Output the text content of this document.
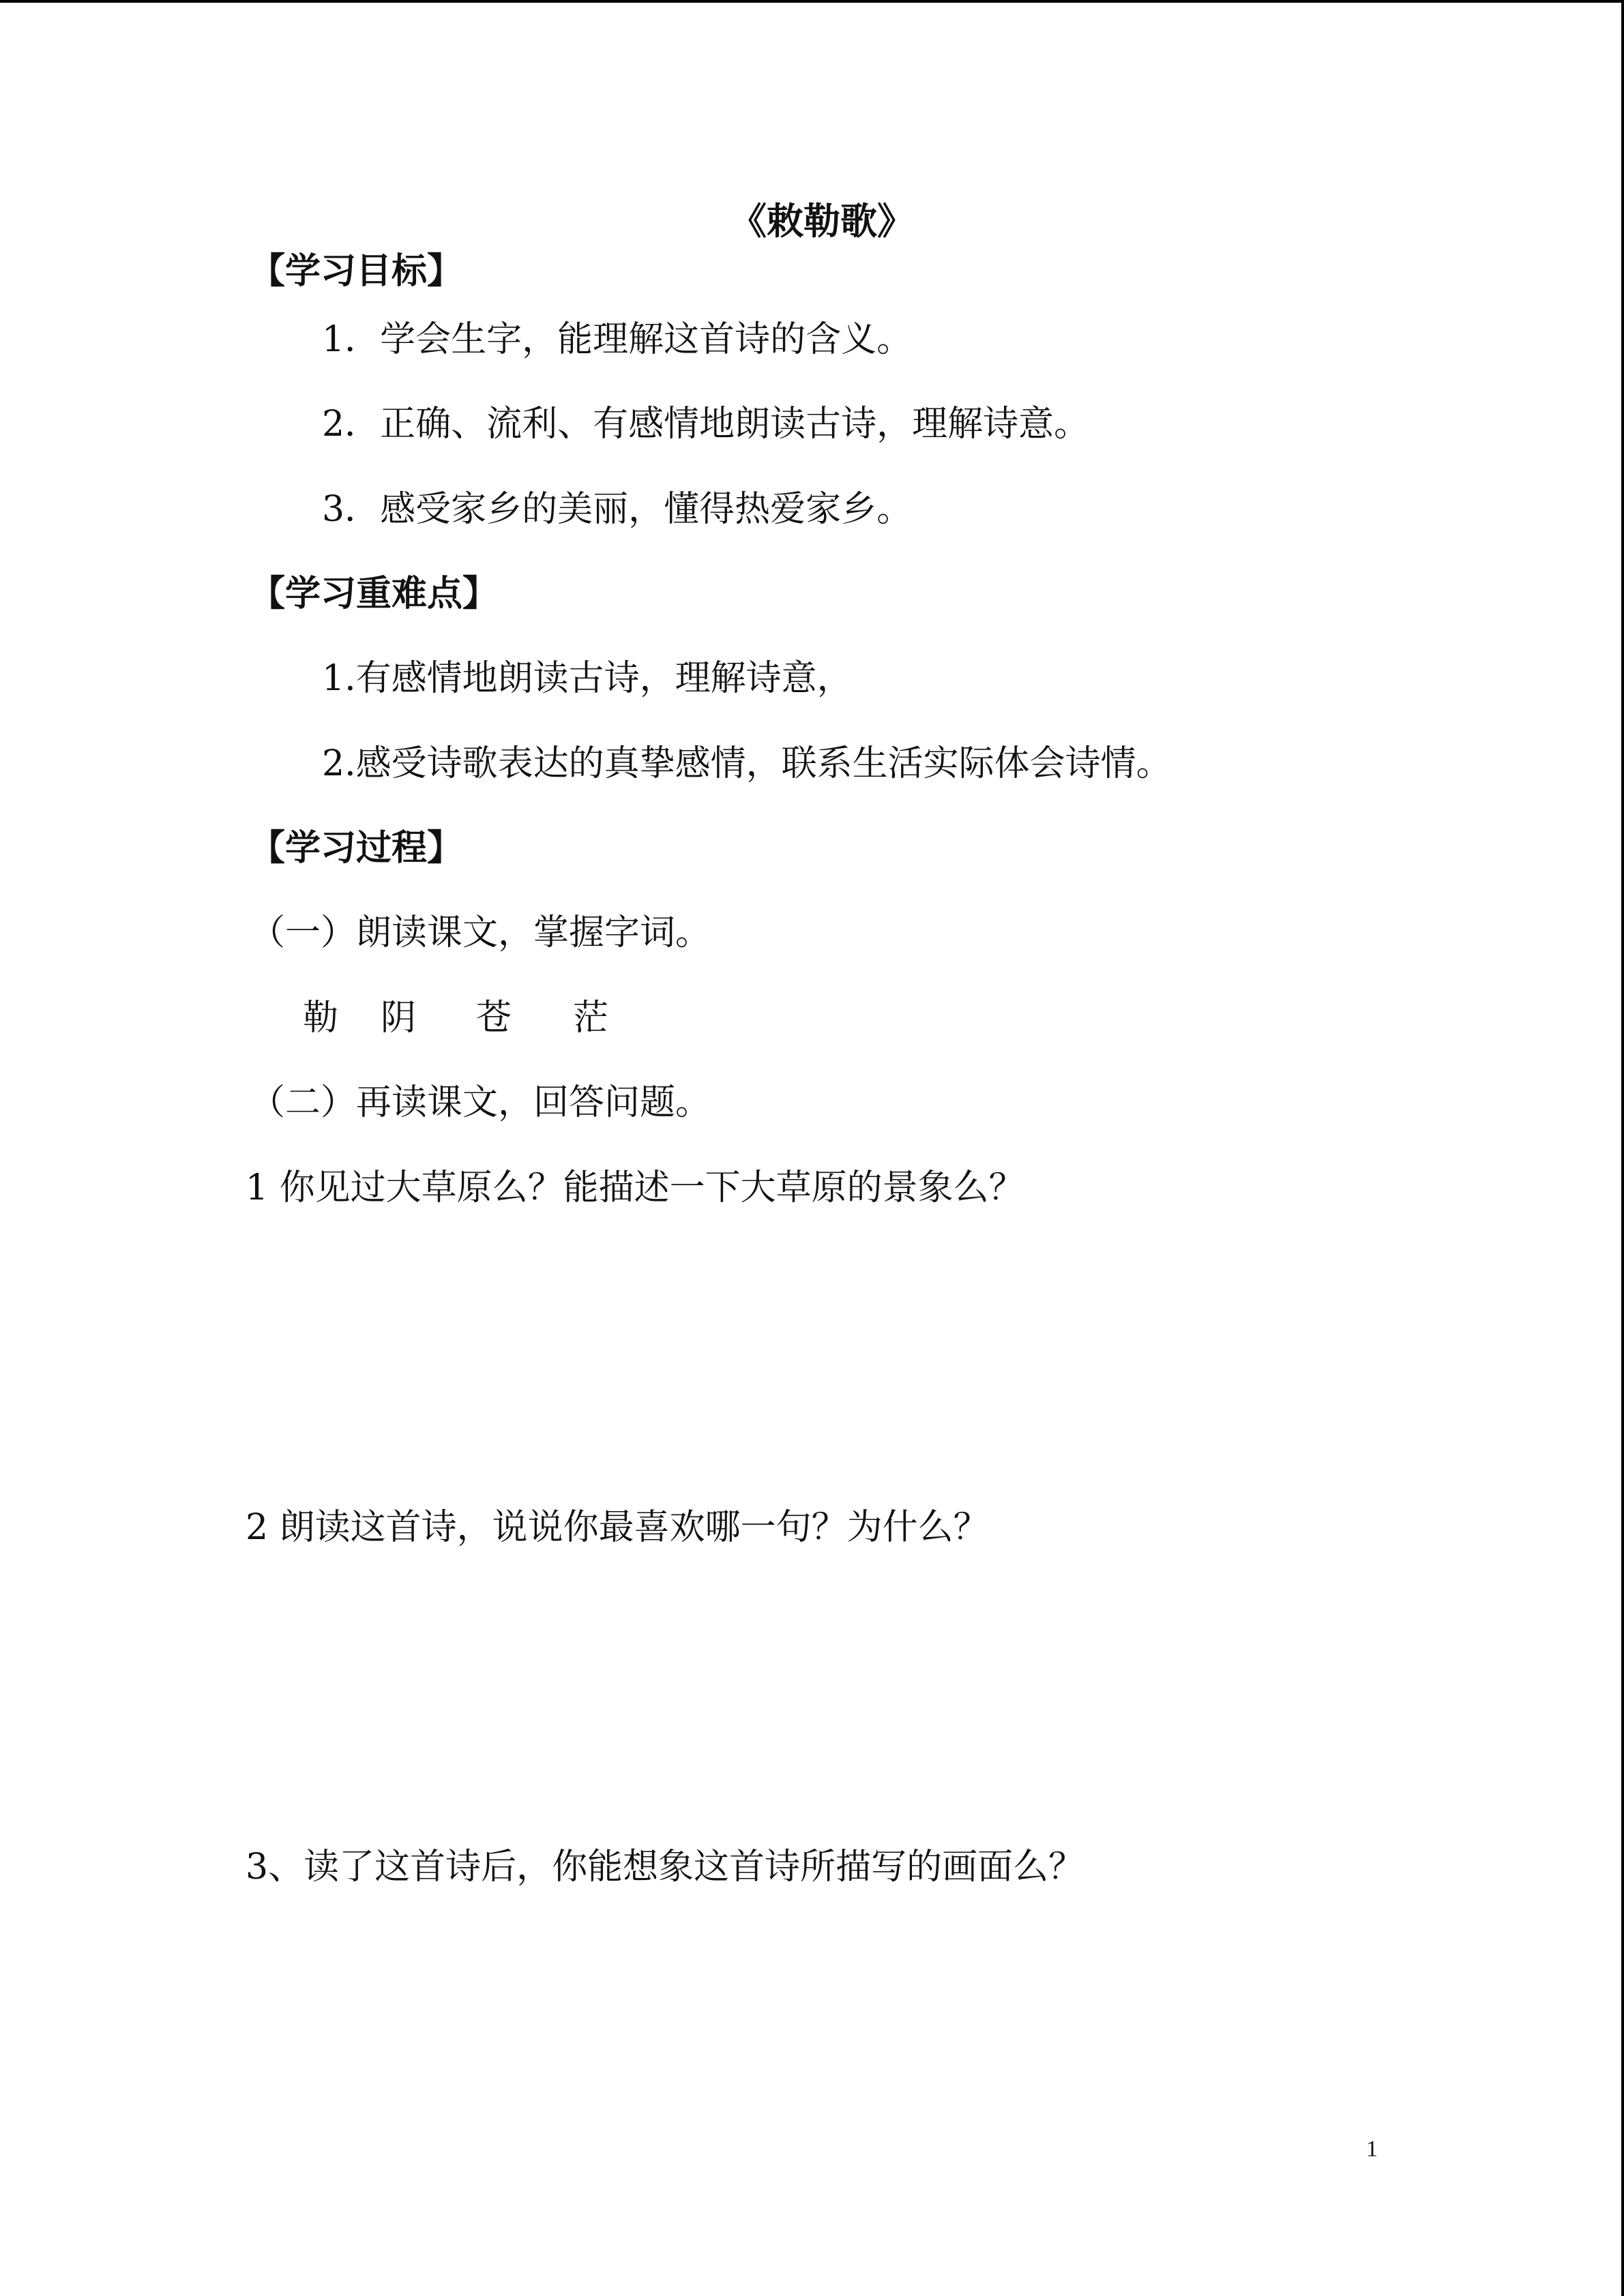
《敕勒歌》
【学习目标】
1．学会生字，能理解这首诗的含义。
2．正确、流利、有感情地朗读古诗，理解诗意。
3．感受家乡的美丽，懂得热爱家乡。
【学习重难点】
1.有感情地朗读古诗，理解诗意，
2.感受诗歌表达的真挚感情，联系生活实际体会诗情。
【学习过程】
（一）朗读课文，掌握字词。
勒 阴 苍 茫
（二）再读课文，回答问题。
1 你见过大草原么？能描述一下大草原的景象么？
2 朗读这首诗，说说你最喜欢哪一句？为什么？
3、读了这首诗后，你能想象这首诗所描写的画面么？
1
